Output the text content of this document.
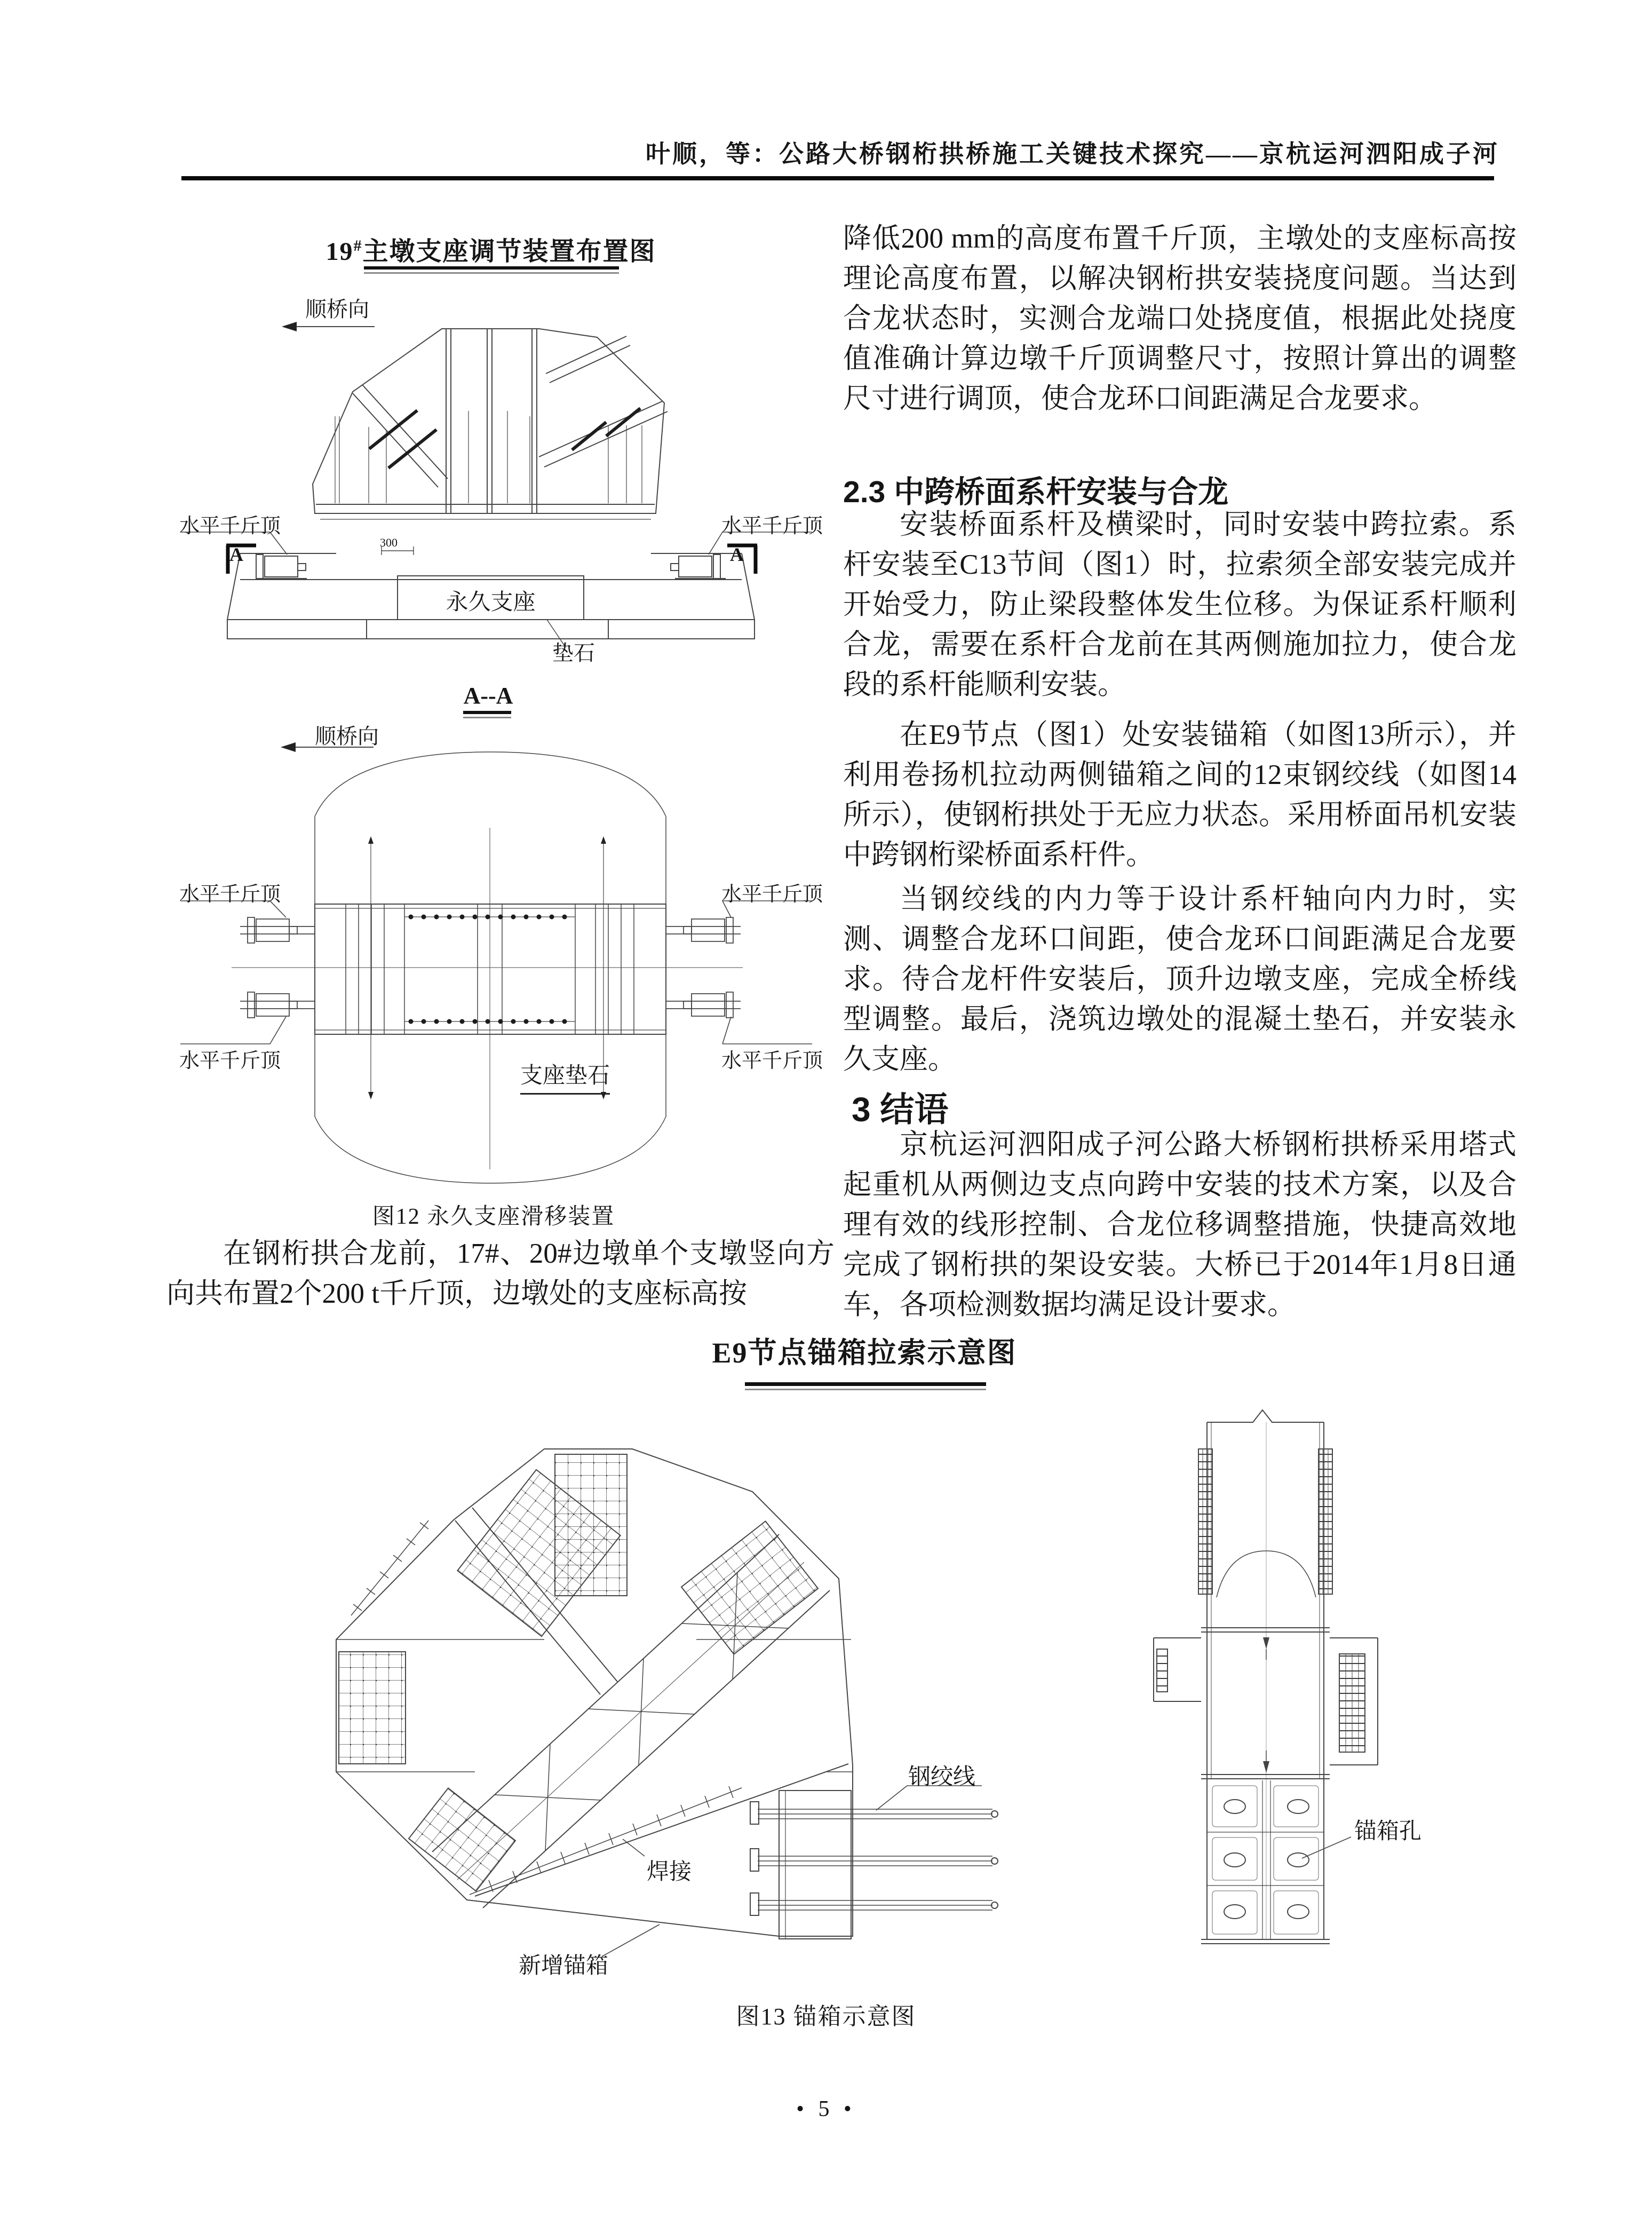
叶顺，等：公路大桥钢桁拱桥施工关键技术探究——京杭运河泗阳成子河
19#主墩支座调节装置布置图
顺桥向
水平千斤顶	水平千斤顶
A	A
300
永久支座
垫石
A--A
顺桥向
水平千斤顶	水平千斤顶
水平千斤顶	水平千斤顶
支座垫石
图12 永久支座滑移装置
在钢桁拱合龙前，17#、20#边墩单个支墩竖向方向共布置2个200 t千斤顶，边墩处的支座标高按
降低200 mm的高度布置千斤顶，主墩处的支座标高按理论高度布置，以解决钢桁拱安装挠度问题。当达到合龙状态时，实测合龙端口处挠度值，根据此处挠度值准确计算边墩千斤顶调整尺寸，按照计算出的调整尺寸进行调顶，使合龙环口间距满足合龙要求。
2.3 中跨桥面系杆安装与合龙
安装桥面系杆及横梁时，同时安装中跨拉索。系杆安装至C13节间（图1）时，拉索须全部安装完成并开始受力，防止梁段整体发生位移。为保证系杆顺利合龙，需要在系杆合龙前在其两侧施加拉力，使合龙段的系杆能顺利安装。
在E9节点（图1）处安装锚箱（如图13所示），并利用卷扬机拉动两侧锚箱之间的12束钢绞线（如图14所示），使钢桁拱处于无应力状态。采用桥面吊机安装中跨钢桁梁桥面系杆件。
当钢绞线的内力等于设计系杆轴向内力时，实测、调整合龙环口间距，使合龙环口间距满足合龙要求。待合龙杆件安装后，顶升边墩支座，完成全桥线型调整。最后，浇筑边墩处的混凝土垫石，并安装永久支座。
3 结语
京杭运河泗阳成子河公路大桥钢桁拱桥采用塔式起重机从两侧边支点向跨中安装的技术方案，以及合理有效的线形控制、合龙位移调整措施，快捷高效地完成了钢桁拱的架设安装。大桥已于2014年1月8日通车，各项检测数据均满足设计要求。
E9节点锚箱拉索示意图
钢绞线
焊接
新增锚箱
锚箱孔
图13 锚箱示意图
• 5 •
